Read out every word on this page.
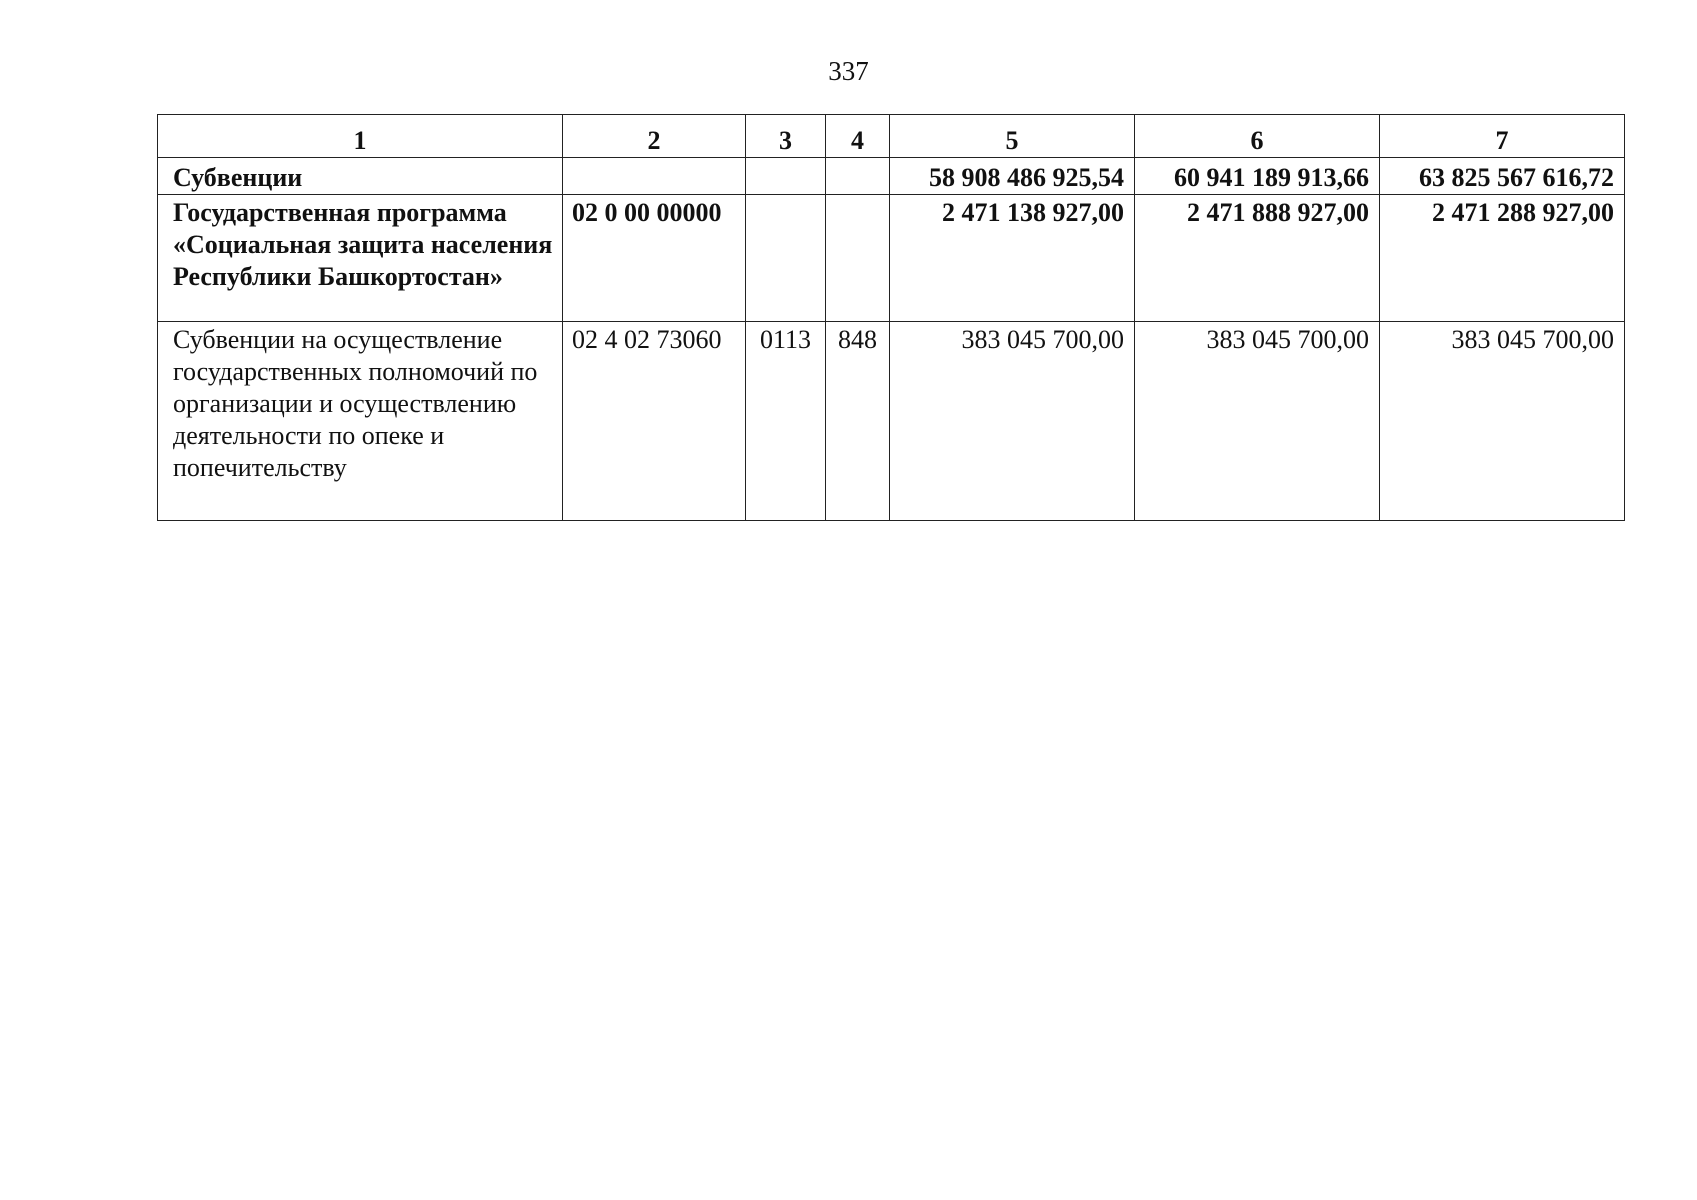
337
1	2	3	4	5	6	7
Субвенции				58 908 486 925,54	60 941 189 913,66	63 825 567 616,72
Государственная программа «Социальная защита населения Республики Башкортостан»	02 0 00 00000			2 471 138 927,00	2 471 888 927,00	2 471 288 927,00
Субвенции на осуществление государственных полномочий по организации и осуществлению деятельности по опеке и попечительству	02 4 02 73060	0113	848	383 045 700,00	383 045 700,00	383 045 700,00
